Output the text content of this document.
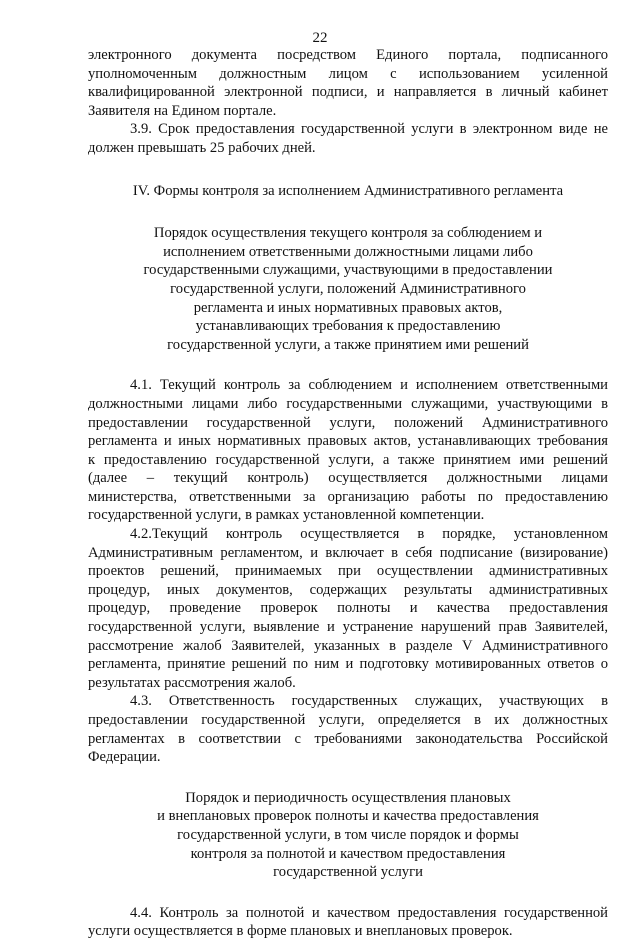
22
электронного документа посредством Единого портала, подписанного
уполномоченным должностным лицом с использованием усиленной
квалифицированной электронной подписи, и направляется в личный кабинет
Заявителя на Едином портале.
3.9. Срок предоставления государственной услуги в электронном виде не
должен превышать 25 рабочих дней.
IV. Формы контроля за исполнением Административного регламента
Порядок осуществления текущего контроля за соблюдением и
исполнением ответственными должностными лицами либо
государственными служащими, участвующими в предоставлении
государственной услуги, положений Административного
регламента и иных нормативных правовых актов,
устанавливающих требования к предоставлению
государственной услуги, а также принятием ими решений
4.1. Текущий контроль за соблюдением и исполнением ответственными
должностными лицами либо государственными служащими, участвующими в
предоставлении государственной услуги, положений Административного
регламента и иных нормативных правовых актов, устанавливающих требования
к предоставлению государственной услуги, а также принятием ими решений
(далее – текущий контроль) осуществляется должностными лицами
министерства, ответственными за организацию работы по предоставлению
государственной услуги, в рамках установленной компетенции.
4.2.Текущий контроль осуществляется в порядке, установленном
Административным регламентом, и включает в себя подписание (визирование)
проектов решений, принимаемых при осуществлении административных
процедур, иных документов, содержащих результаты административных
процедур, проведение проверок полноты и качества предоставления
государственной услуги, выявление и устранение нарушений прав Заявителей,
рассмотрение жалоб Заявителей, указанных в разделе V Административного
регламента, принятие решений по ним и подготовку мотивированных ответов о
результатах рассмотрения жалоб.
4.3. Ответственность государственных служащих, участвующих в
предоставлении государственной услуги, определяется в их должностных
регламентах в соответствии с требованиями законодательства Российской
Федерации.
Порядок и периодичность осуществления плановых
и внеплановых проверок полноты и качества предоставления
государственной услуги, в том числе порядок и формы
контроля за полнотой и качеством предоставления
государственной услуги
4.4. Контроль за полнотой и качеством предоставления государственной
услуги осуществляется в форме плановых и внеплановых проверок.
